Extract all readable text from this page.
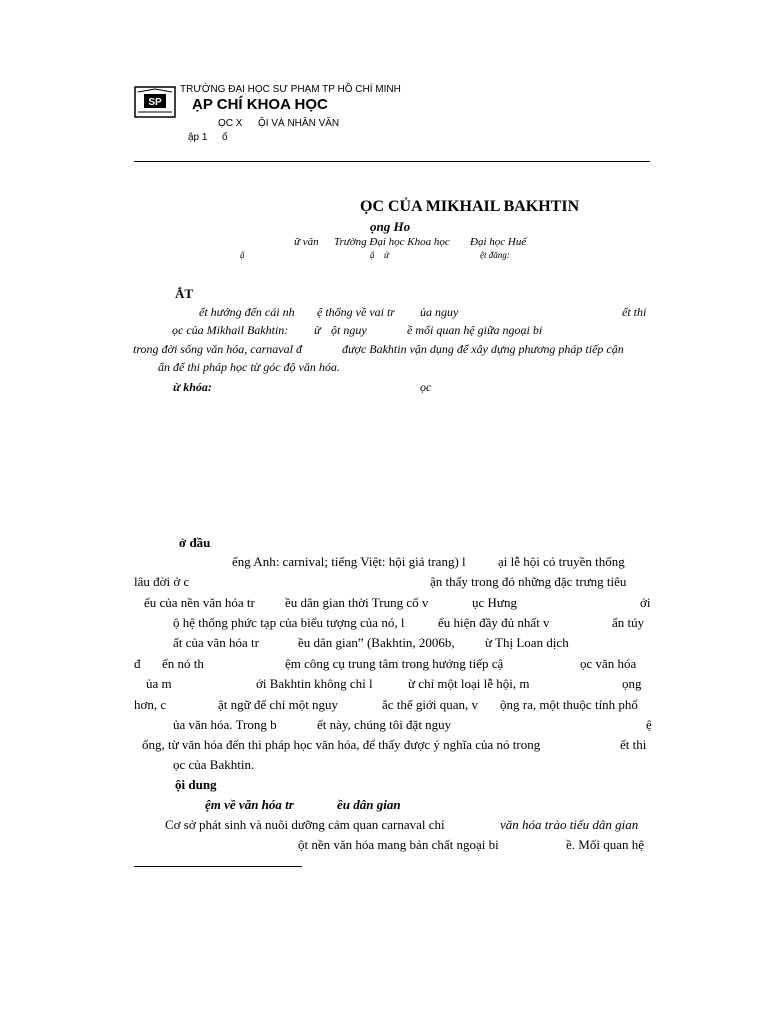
SP
TRƯỜNG ĐẠI HỌC SƯ PHẠM TP HỒ CHÍ MINH
ẠP CHÍ KHOA HỌC
ỌC X ỘI VÀ NHÂN VĂN
ập 1 ố
ỌC CỦA MIKHAIL BAKHTIN
ọng Ho
ữ văn Trường Đại học Khoa học Đại học Huế
ậ	ậ ử	ệt đăng:
ẮT
ết hướng đến cái nh ệ thống về vai tr ủa nguy	ết thi
ọc của Mikhail Bakhtin: ừ ột nguy	ề mối quan hệ giữa ngoại bi
trong đời sống văn hóa, carnaval đ	được Bakhtin vận dụng để xây dựng phương pháp tiếp cận
ẩn để thi pháp học từ góc độ văn hóa.
ừ khóa:	ọc
ở đầu
ếng Anh: carnival; tiếng Việt: hội giả trang) l ại lễ hội có truyền thống
lâu đời ở c	ận thấy trong đó những đặc trưng tiêu
ểu của nền văn hóa tr ều dân gian thời Trung cổ v	ục Hưng	ới
ộ hệ thống phức tạp của biểu tượng của nó, l	ểu hiện đầy đủ nhất v	ẩn túy
ất của văn hóa tr	ều dân gian” (Bakhtin, 2006b, ừ Thị Loan dịch
đ ến nó th	ệm công cụ trung tâm trong hướng tiếp cậ	ọc văn hóa
ủa m	ới Bakhtin không chỉ l	ừ chỉ một loại lễ hội, m	ọng
hơn, c	ật ngữ để chỉ một nguy	ắc thế giới quan, v ộng ra, một thuộc tính phổ
ủa văn hóa. Trong b	ết này, chúng tôi đặt nguy	ệ
ống, từ văn hóa đến thi pháp học văn hóa, để thấy được ý nghĩa của nó trong	ết thi
ọc của Bakhtin.
ội dung
ệm về văn hóa tr	ều dân gian
Cơ sở phát sinh và nuôi dưỡng cảm quan carnaval chí	văn hóa trào tiếu dân gian
ột nền văn hóa mang bản chất ngoại bi	ề. Mối quan hệ
